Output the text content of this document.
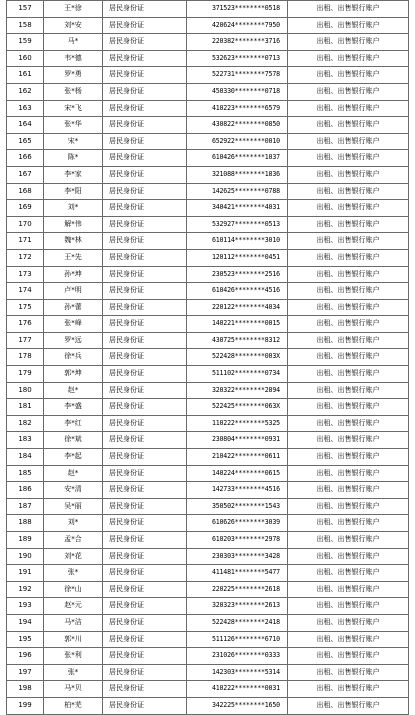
157	王*徐	居民身份证	371523********0518	出租、出售银行账户
158	刘*安	居民身份证	420624********7950	出租、出售银行账户
159	马*	居民身份证	220382********3716	出租、出售银行账户
160	韦*德	居民身份证	532623********0713	出租、出售银行账户
161	罗*勇	居民身份证	522731********7578	出租、出售银行账户
162	张*杨	居民身份证	450330********0718	出租、出售银行账户
163	宋*飞	居民身份证	410223********6579	出租、出售银行账户
164	张*华	居民身份证	430822********0850	出租、出售银行账户
165	宋*	居民身份证	652922********0010	出租、出售银行账户
166	陈*	居民身份证	610426********1037	出租、出售银行账户
167	李*家	居民身份证	321088********1836	出租、出售银行账户
168	李*阳	居民身份证	142625********0788	出租、出售银行账户
169	刘*	居民身份证	340421********4031	出租、出售银行账户
170	解*伟	居民身份证	532927********0513	出租、出售银行账户
171	魏*林	居民身份证	610114********3010	出租、出售银行账户
172	王*先	居民身份证	120112********0451	出租、出售银行账户
173	孙*坤	居民身份证	230523********2516	出租、出售银行账户
174	卢*明	居民身份证	610426********4516	出租、出售银行账户
175	孙*蕾	居民身份证	220122********4034	出租、出售银行账户
176	张*峰	居民身份证	140221********0015	出租、出售银行账户
177	罗*远	居民身份证	430725********8312	出租、出售银行账户
178	徐*兵	居民身份证	522428********003X	出租、出售银行账户
179	郭*坤	居民身份证	511102********0734	出租、出售银行账户
180	赵*	居民身份证	320322********2894	出租、出售银行账户
181	李*盛	居民身份证	522425********063X	出租、出售银行账户
182	李*红	居民身份证	110222********5325	出租、出售银行账户
183	徐*斌	居民身份证	230804********0931	出租、出售银行账户
184	李*起	居民身份证	210422********0611	出租、出售银行账户
185	赵*	居民身份证	140224********0615	出租、出售银行账户
186	安*清	居民身份证	142733********4516	出租、出售银行账户
187	吴*丽	居民身份证	350502********1543	出租、出售银行账户
188	刘*	居民身份证	610626********3039	出租、出售银行账户
189	孟*合	居民身份证	610203********2978	出租、出售银行账户
190	刘*花	居民身份证	230303********3428	出租、出售银行账户
191	张*	居民身份证	411481********5477	出租、出售银行账户
192	徐*山	居民身份证	220225********2618	出租、出售银行账户
193	赵*元	居民身份证	320323********2613	出租、出售银行账户
194	马*洁	居民身份证	522428********2418	出租、出售银行账户
195	郭*川	居民身份证	511126********6710	出租、出售银行账户
196	张*利	居民身份证	231026********0333	出租、出售银行账户
197	张*	居民身份证	142303********5314	出租、出售银行账户
198	马*贝	居民身份证	410222********0031	出租、出售银行账户
199	柏*芜	居民身份证	342225********1650	出租、出售银行账户
